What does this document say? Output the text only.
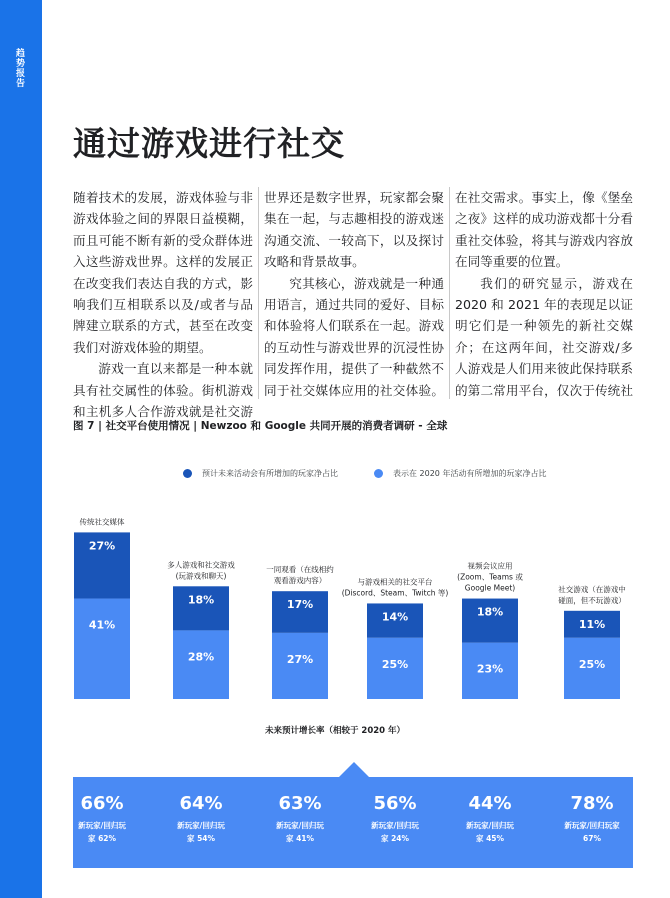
趋势报告
通过游戏进行社交

随着技术的发展，游戏体验与非游戏体验之间的界限日益模糊，而且可能不断有新的受众群体进入这些游戏世界。这样的发展正在改变我们表达自我的方式，影响我们互相联系以及/或者与品牌建立联系的方式，甚至在改变我们对游戏体验的期望。

游戏一直以来都是一种本就具有社交属性的体验。街机游戏和主机多人合作游戏就是社交游

世界还是数字世界，玩家都会聚集在一起，与志趣相投的游戏迷沟通交流、一较高下，以及探讨攻略和背景故事。

究其核心，游戏就是一种通用语言，通过共同的爱好、目标和体验将人们联系在一起。游戏的互动性与游戏世界的沉浸性协同发挥作用，提供了一种截然不同于社交媒体应用的社交体验。

在社交需求。事实上，像《堡垒之夜》这样的成功游戏都十分看重社交体验，将其与游戏内容放在同等重要的位置。

我们的研究显示，游戏在 2020 和 2021 年的表现足以证明它们是一种领先的新社交媒介；在这两年间，社交游戏/多人游戏是人们用来彼此保持联系的第二常用平台，仅次于传统社

图 7 | 社交平台使用情况 | Newzoo 和 Google 共同开展的消费者调研 - 全球
预计未来活动会有所增加的玩家净占比	表示在 2020 年活动有所增加的玩家净占比
41%
27%
传统社交媒体
28%
18%
多人游戏和社交游戏(玩游戏和聊天)
27%
17%
一同观看（在线相约观看游戏内容）
25%
14%
与游戏相关的社交平台(Discord、Steam、Twitch 等)
23%
18%
视频会议应用(Zoom、Teams 或 Google Meet)
25%
11%
社交游戏（在游戏中碰面，但不玩游戏）
未来预计增长率（相较于 2020 年）
66%
新玩家/回归玩
家 62%
64%
新玩家/回归玩
家 54%
63%
新玩家/回归玩
家 41%
56%
新玩家/回归玩
家 24%
44%
新玩家/回归玩
家 45%
78%
新玩家/回归玩家
67%
